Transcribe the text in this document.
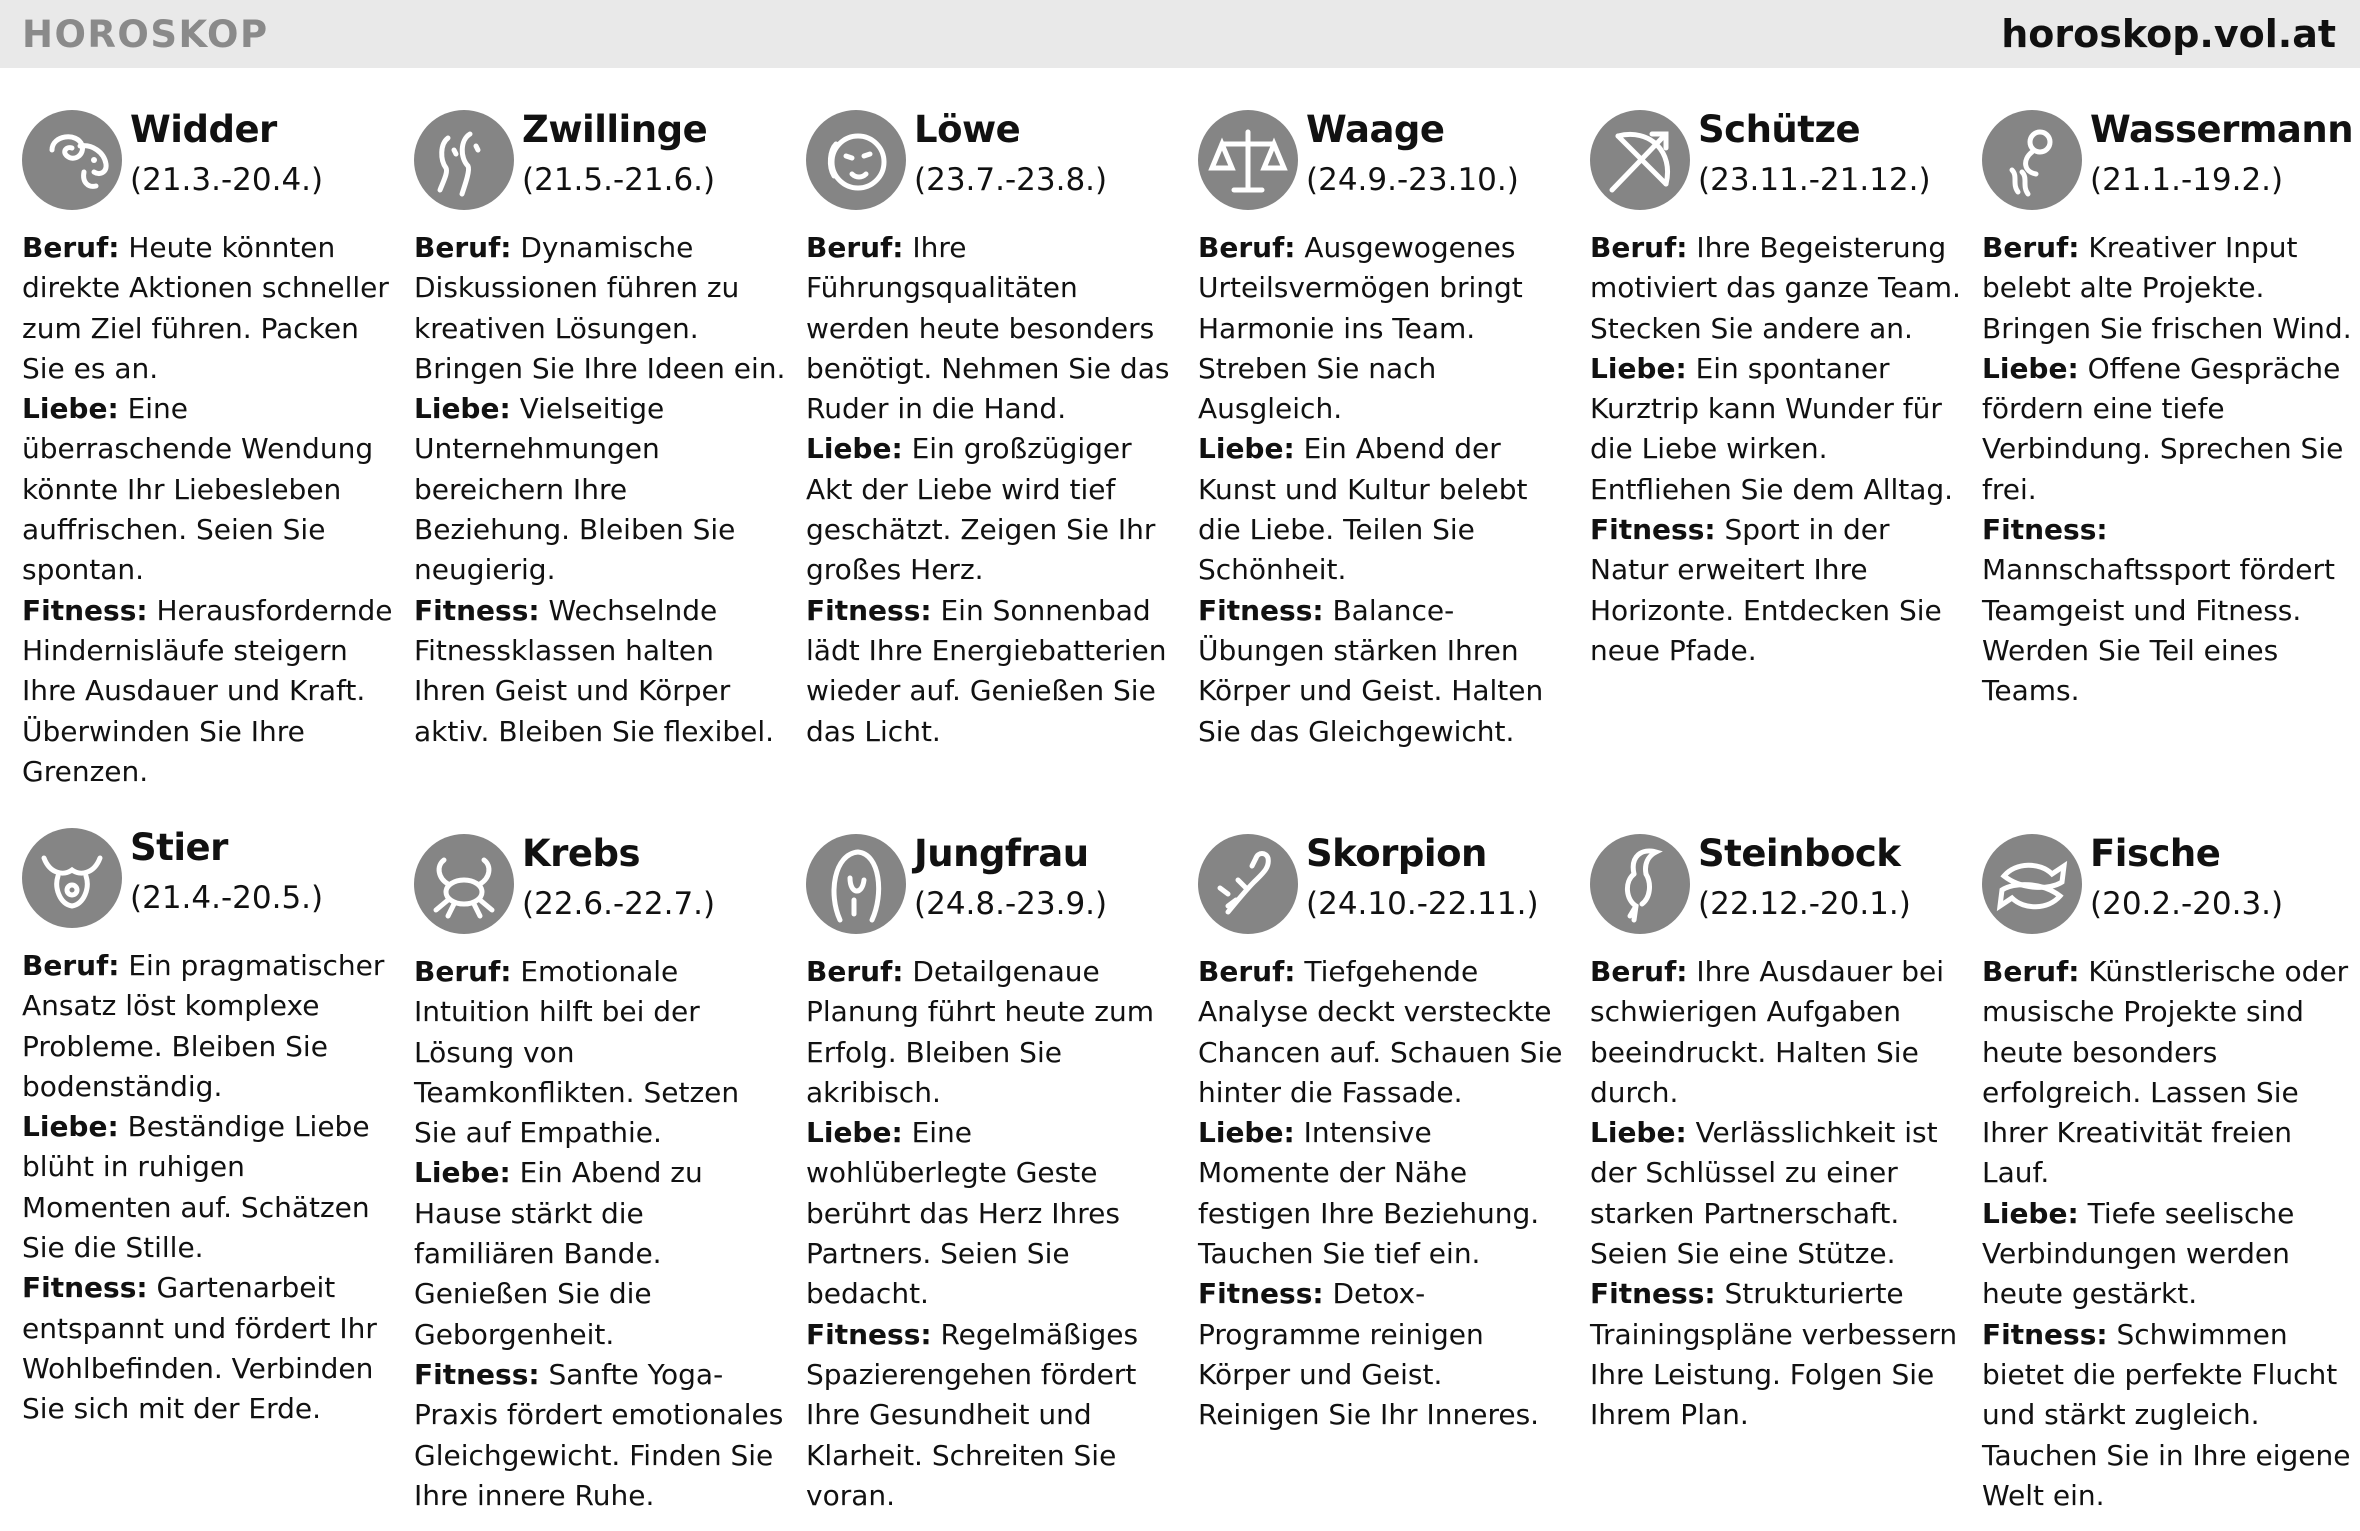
HOROSKOP	horoskop.vol.at
Widder
(21.3.-20.4.)

Beruf: Heute könnten direkte Aktionen schneller zum Ziel führen. Packen Sie es an.

Liebe: Eine überraschende Wendung könnte Ihr Liebesleben auffrischen. Seien Sie spontan.

Fitness: Herausfordernde Hindernisläufe steigern Ihre Ausdauer und Kraft. Überwinden Sie Ihre Grenzen.

Zwillinge
(21.5.-21.6.)

Beruf: Dynamische Diskussionen führen zu kreativen Lösungen. Bringen Sie Ihre Ideen ein.

Liebe: Vielseitige Unternehmungen bereichern Ihre Beziehung. Bleiben Sie neugierig.

Fitness: Wechselnde Fitnessklassen halten Ihren Geist und Körper aktiv. Bleiben Sie flexibel.

Löwe
(23.7.-23.8.)

Beruf: Ihre Führungsqualitäten werden heute besonders benötigt. Nehmen Sie das Ruder in die Hand.

Liebe: Ein großzügiger Akt der Liebe wird tief geschätzt. Zeigen Sie Ihr großes Herz.

Fitness: Ein Sonnenbad lädt Ihre Energiebatterien wieder auf. Genießen Sie das Licht.

Waage
(24.9.-23.10.)

Beruf: Ausgewogenes Urteilsvermögen bringt Harmonie ins Team. Streben Sie nach Ausgleich.

Liebe: Ein Abend der Kunst und Kultur belebt die Liebe. Teilen Sie Schönheit.

Fitness: Balance-Übungen stärken Ihren Körper und Geist. Halten Sie das Gleichgewicht.

Schütze
(23.11.-21.12.)

Beruf: Ihre Begeisterung motiviert das ganze Team. Stecken Sie andere an.

Liebe: Ein spontaner Kurztrip kann Wunder für die Liebe wirken. Entfliehen Sie dem Alltag.

Fitness: Sport in der Natur erweitert Ihre Horizonte. Entdecken Sie neue Pfade.

Wassermann
(21.1.-19.2.)

Beruf: Kreativer Input belebt alte Projekte. Bringen Sie frischen Wind.

Liebe: Offene Gespräche fördern eine tiefe Verbindung. Sprechen Sie frei.

Fitness: Mannschaftssport fördert Teamgeist und Fitness. Werden Sie Teil eines Teams.

Stier
(21.4.-20.5.)

Beruf: Ein pragmatischer Ansatz löst komplexe Probleme. Bleiben Sie bodenständig.

Liebe: Beständige Liebe blüht in ruhigen Momenten auf. Schätzen Sie die Stille.

Fitness: Gartenarbeit entspannt und fördert Ihr Wohlbefinden. Verbinden Sie sich mit der Erde.

Krebs
(22.6.-22.7.)

Beruf: Emotionale Intuition hilft bei der Lösung von Teamkonflikten. Setzen Sie auf Empathie.

Liebe: Ein Abend zu Hause stärkt die familiären Bande. Genießen Sie die Geborgenheit.

Fitness: Sanfte Yoga-Praxis fördert emotionales Gleichgewicht. Finden Sie Ihre innere Ruhe.

Jungfrau
(24.8.-23.9.)

Beruf: Detailgenaue Planung führt heute zum Erfolg. Bleiben Sie akribisch.

Liebe: Eine wohlüberlegte Geste berührt das Herz Ihres Partners. Seien Sie bedacht.

Fitness: Regelmäßiges Spazierengehen fördert Ihre Gesundheit und Klarheit. Schreiten Sie voran.

Skorpion
(24.10.-22.11.)

Beruf: Tiefgehende Analyse deckt versteckte Chancen auf. Schauen Sie hinter die Fassade.

Liebe: Intensive Momente der Nähe festigen Ihre Beziehung. Tauchen Sie tief ein.

Fitness: Detox-Programme reinigen Körper und Geist. Reinigen Sie Ihr Inneres.

Steinbock
(22.12.-20.1.)

Beruf: Ihre Ausdauer bei schwierigen Aufgaben beeindruckt. Halten Sie durch.

Liebe: Verlässlichkeit ist der Schlüssel zu einer starken Partnerschaft. Seien Sie eine Stütze.

Fitness: Strukturierte Trainingspläne verbessern Ihre Leistung. Folgen Sie Ihrem Plan.

Fische
(20.2.-20.3.)

Beruf: Künstlerische oder musische Projekte sind heute besonders erfolgreich. Lassen Sie Ihrer Kreativität freien Lauf.

Liebe: Tiefe seelische Verbindungen werden heute gestärkt.

Fitness: Schwimmen bietet die perfekte Flucht und stärkt zugleich. Tauchen Sie in Ihre eigene Welt ein.
